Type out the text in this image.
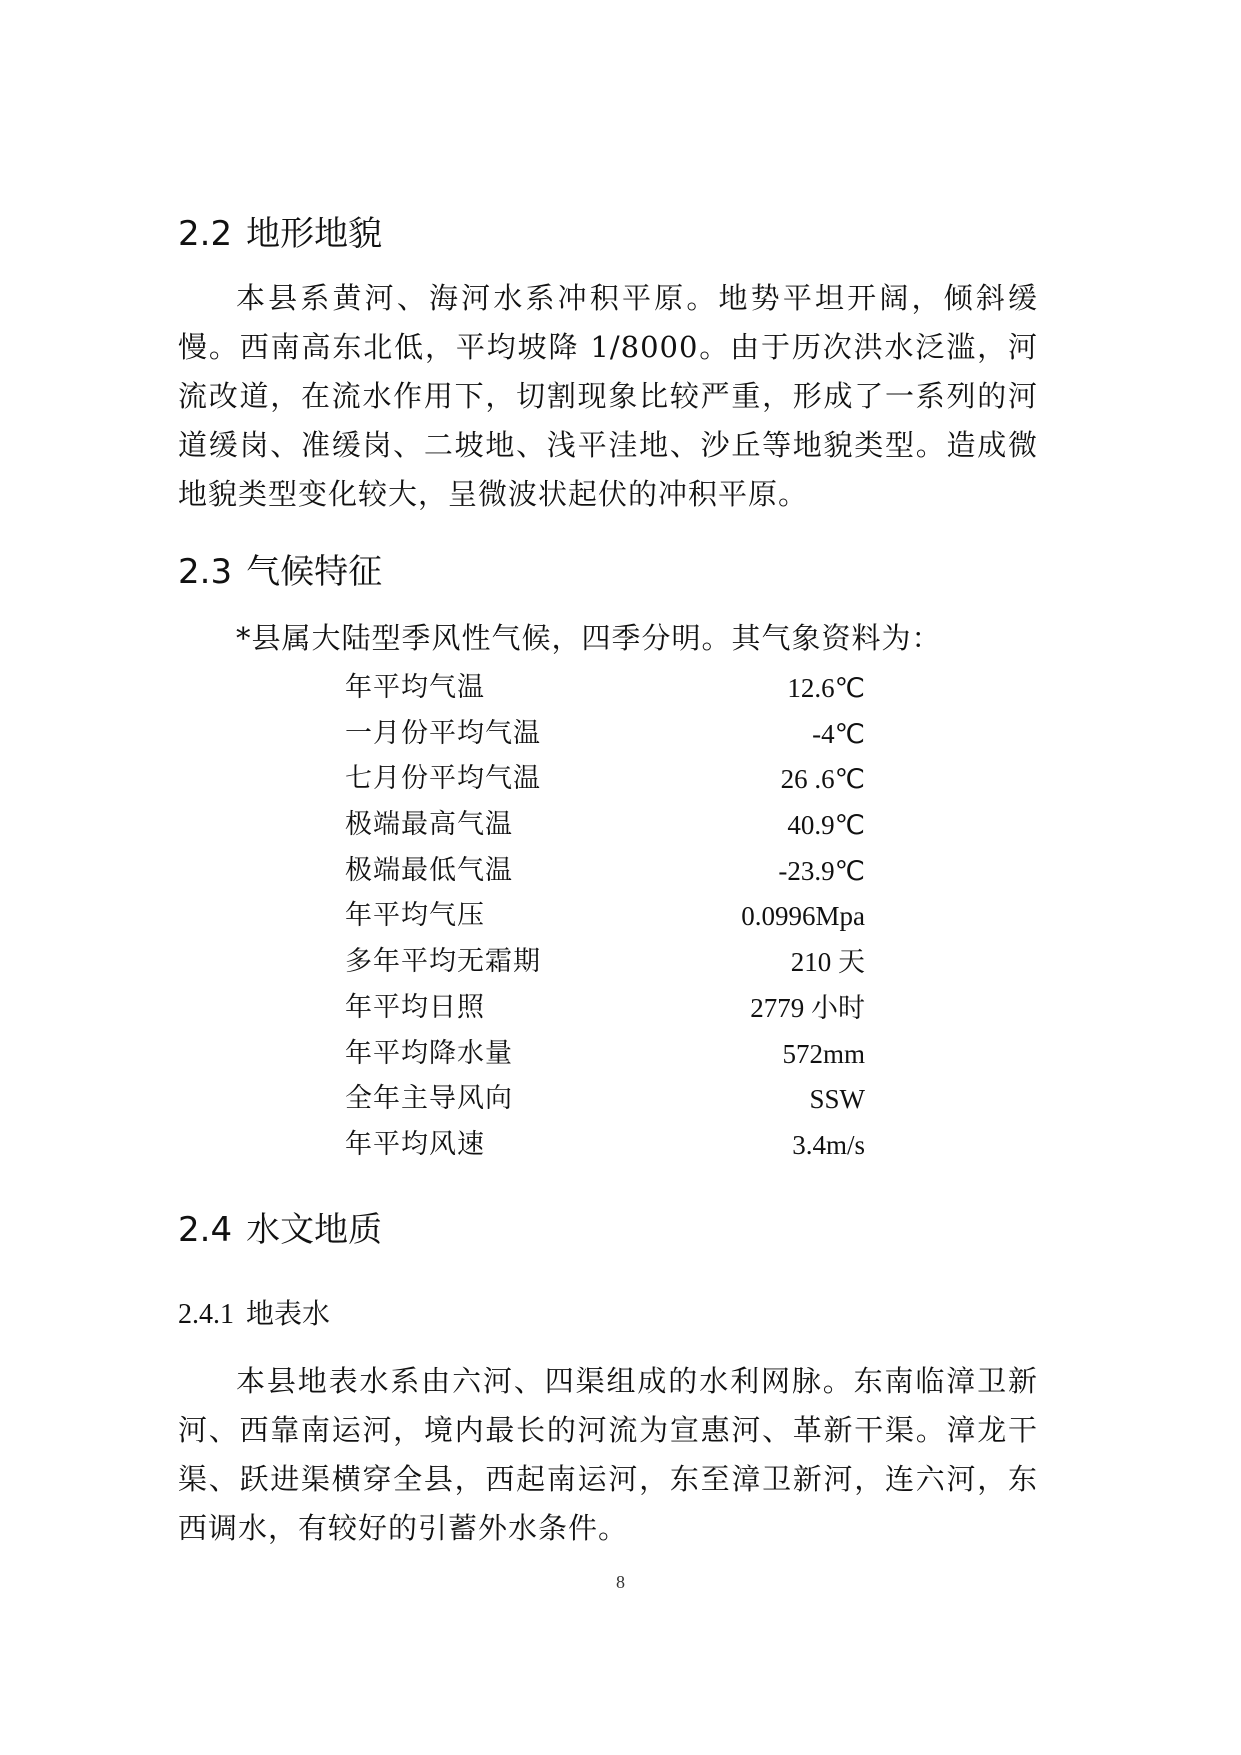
2.2 地形地貌
本县系黄河、海河水系冲积平原。地势平坦开阔，倾斜缓慢。西南高东北低，平均坡降 1/8000。由于历次洪水泛滥，河流改道，在流水作用下，切割现象比较严重，形成了一系列的河道缓岗、准缓岗、二坡地、浅平洼地、沙丘等地貌类型。造成微地貌类型变化较大，呈微波状起伏的冲积平原。
2.3 气候特征
*县属大陆型季风性气候，四季分明。其气象资料为：
年平均气温	12.6℃
一月份平均气温	-4℃
七月份平均气温	26 .6℃
极端最高气温	40.9℃
极端最低气温	-23.9℃
年平均气压	0.0996Mpa
多年平均无霜期	210 天
年平均日照	2779 小时
年平均降水量	572mm
全年主导风向	SSW
年平均风速	3.4m/s
2.4 水文地质
2.4.1 地表水
本县地表水系由六河、四渠组成的水利网脉。东南临漳卫新河、西靠南运河，境内最长的河流为宣惠河、革新干渠。漳龙干渠、跃进渠横穿全县，西起南运河，东至漳卫新河，连六河，东西调水，有较好的引蓄外水条件。
8
